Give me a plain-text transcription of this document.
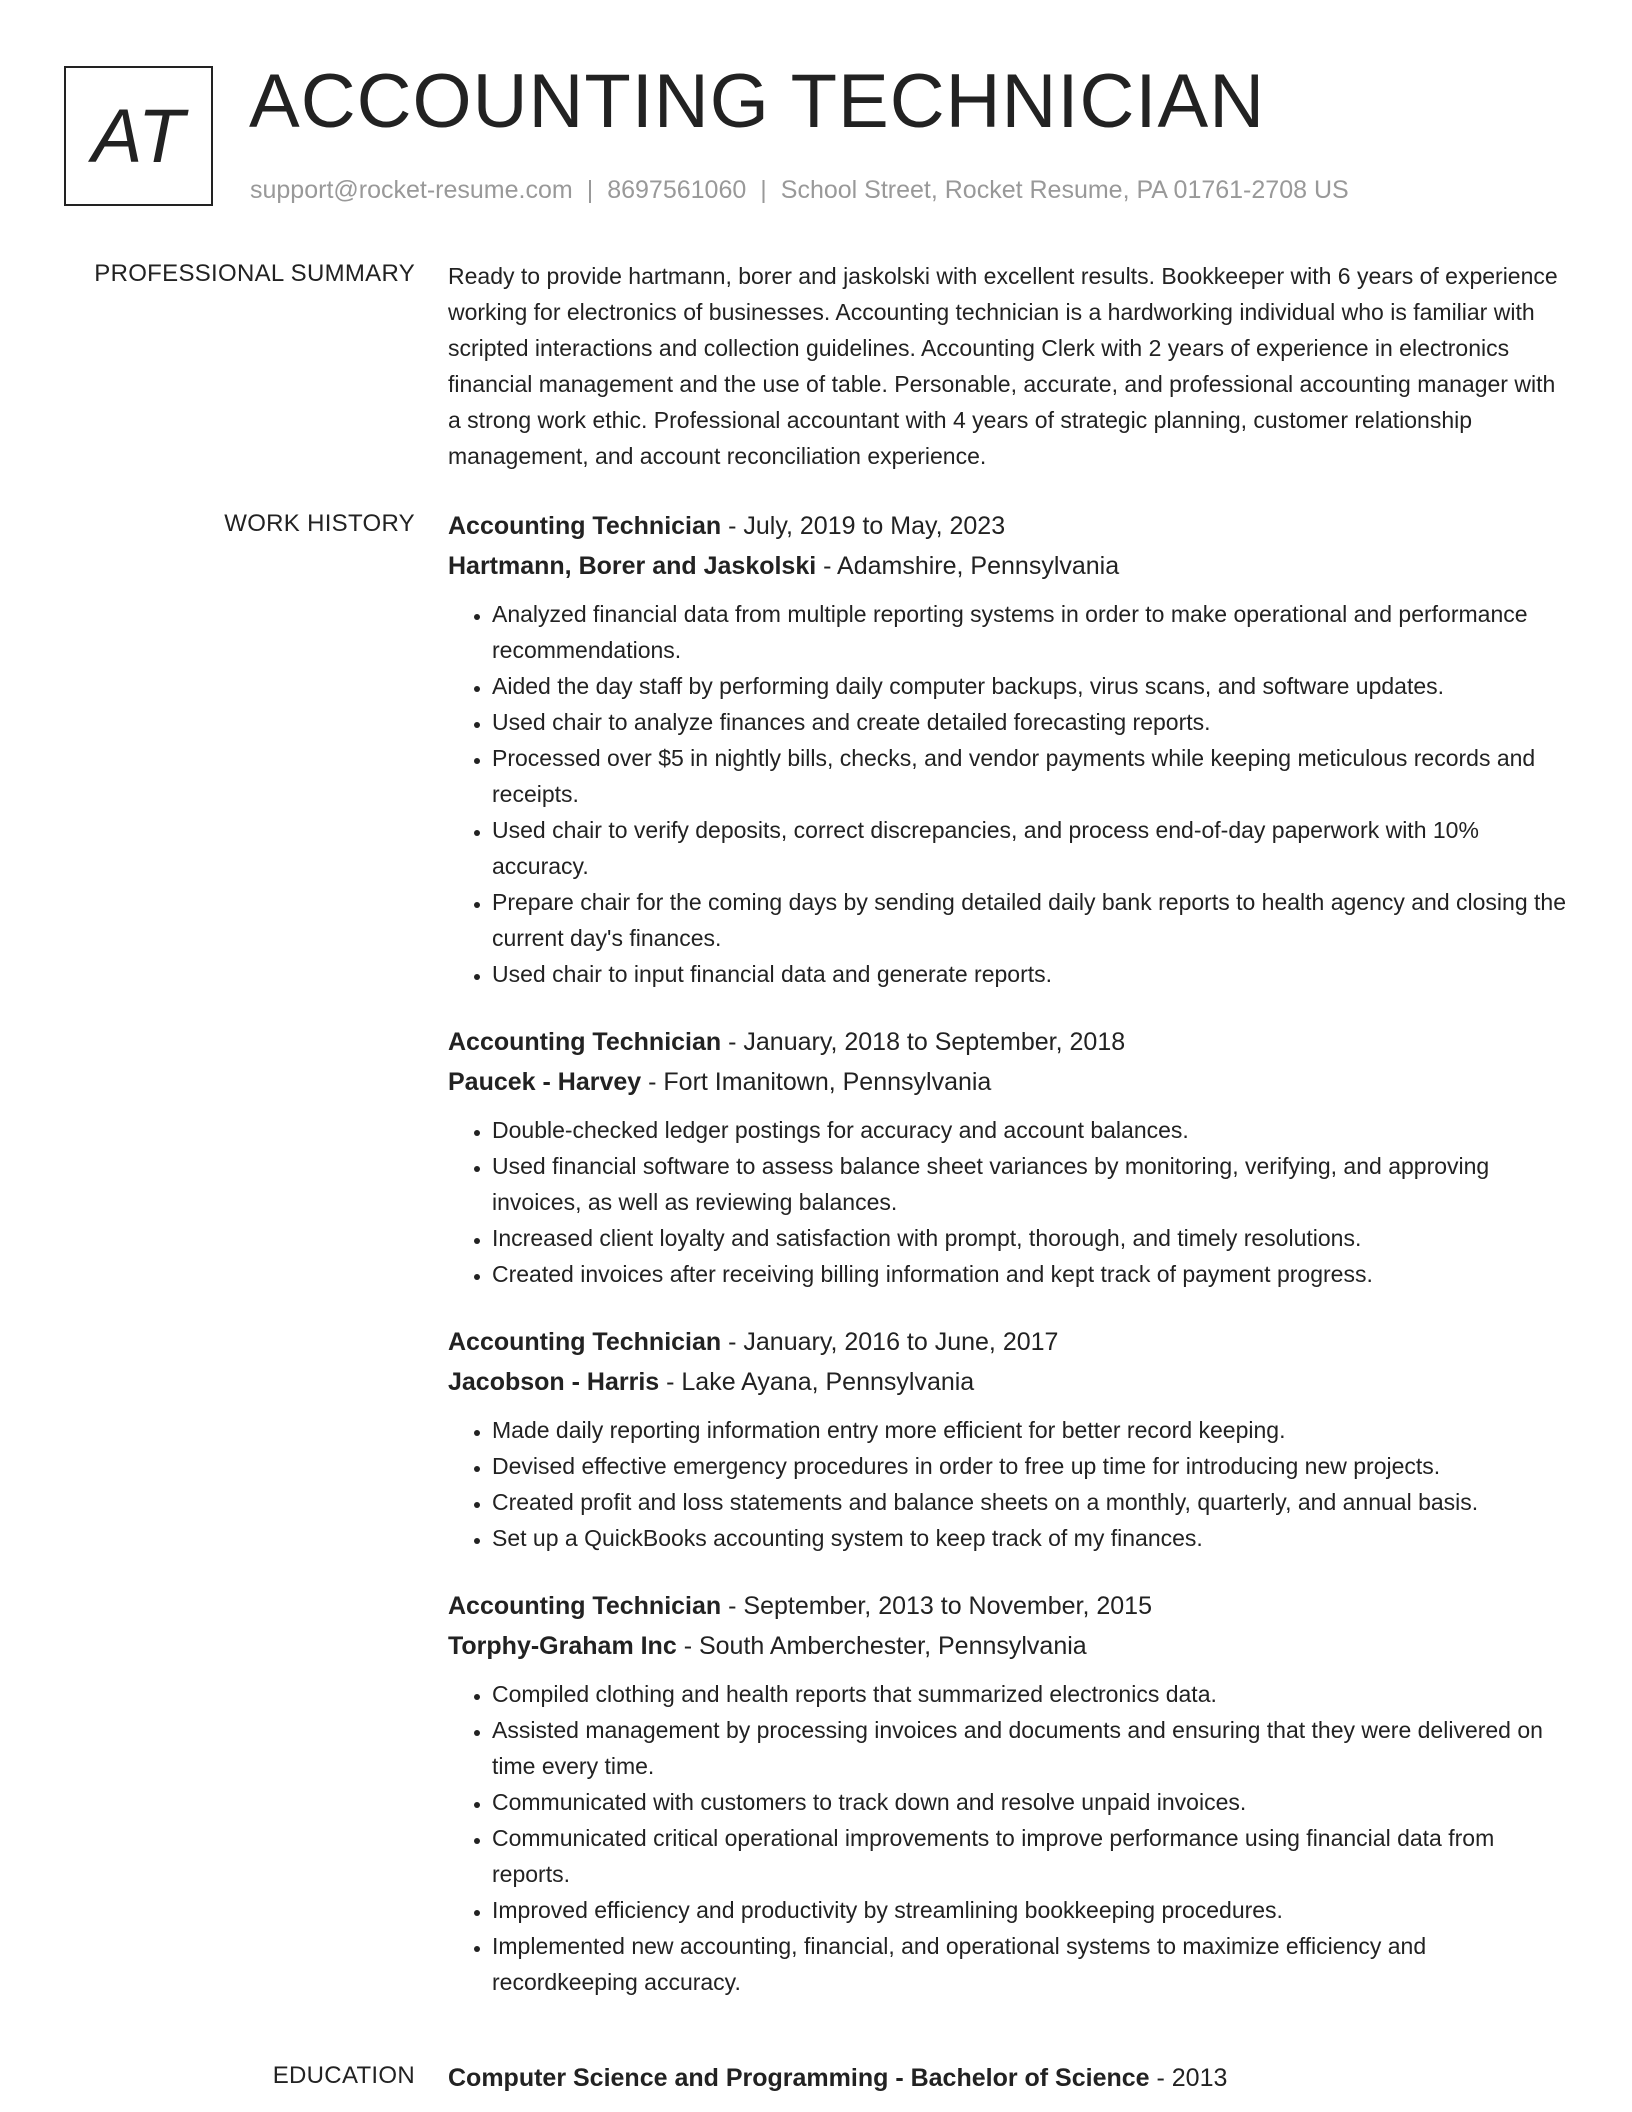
AT ACCOUNTING TECHNICIAN
support@rocket-resume.com | 8697561060 | School Street, Rocket Resume, PA 01761-2708 US
PROFESSIONAL SUMMARY Ready to provide hartmann, borer and jaskolski with excellent results. Bookkeeper with 6 years of experience working for electronics of businesses. Accounting technician is a hardworking individual who is familiar with scripted interactions and collection guidelines. Accounting Clerk with 2 years of experience in electronics financial management and the use of table. Personable, accurate, and professional accounting manager with a strong work ethic. Professional accountant with 4 years of strategic planning, customer relationship management, and account reconciliation experience.

WORK HISTORY Accounting Technician - July, 2019 to May, 2023
Hartmann, Borer and Jaskolski - Adamshire, Pennsylvania
• Analyzed financial data from multiple reporting systems in order to make operational and performance recommendations.
• Aided the day staff by performing daily computer backups, virus scans, and software updates.
• Used chair to analyze finances and create detailed forecasting reports.
• Processed over $5 in nightly bills, checks, and vendor payments while keeping meticulous records and receipts.
• Used chair to verify deposits, correct discrepancies, and process end-of-day paperwork with 10% accuracy.
• Prepare chair for the coming days by sending detailed daily bank reports to health agency and closing the current day's finances.
• Used chair to input financial data and generate reports.
Accounting Technician - January, 2018 to September, 2018
Paucek - Harvey - Fort Imanitown, Pennsylvania
• Double-checked ledger postings for accuracy and account balances.
• Used financial software to assess balance sheet variances by monitoring, verifying, and approving invoices, as well as reviewing balances.
• Increased client loyalty and satisfaction with prompt, thorough, and timely resolutions.
• Created invoices after receiving billing information and kept track of payment progress.
Accounting Technician - January, 2016 to June, 2017
Jacobson - Harris - Lake Ayana, Pennsylvania
• Made daily reporting information entry more efficient for better record keeping.
• Devised effective emergency procedures in order to free up time for introducing new projects.
• Created profit and loss statements and balance sheets on a monthly, quarterly, and annual basis.
• Set up a QuickBooks accounting system to keep track of my finances.
Accounting Technician - September, 2013 to November, 2015
Torphy-Graham Inc - South Amberchester, Pennsylvania
• Compiled clothing and health reports that summarized electronics data.
• Assisted management by processing invoices and documents and ensuring that they were delivered on time every time.
• Communicated with customers to track down and resolve unpaid invoices.
• Communicated critical operational improvements to improve performance using financial data from reports.
• Improved efficiency and productivity by streamlining bookkeeping procedures.
• Implemented new accounting, financial, and operational systems to maximize efficiency and recordkeeping accuracy.
EDUCATION Computer Science and Programming - Bachelor of Science - 2013
